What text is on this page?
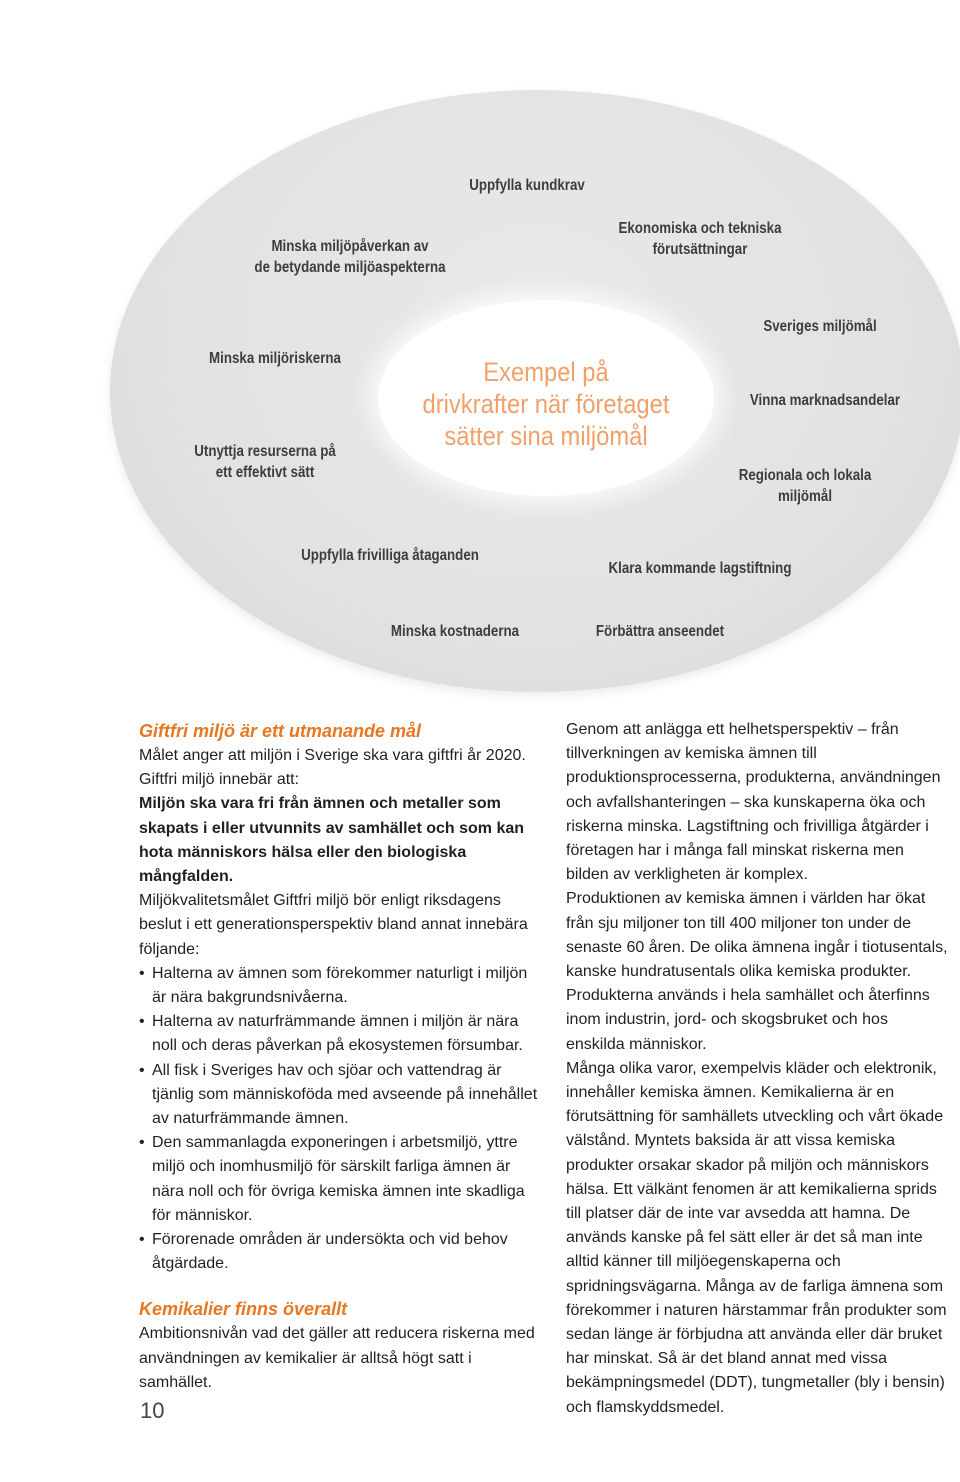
Exempel på
drivkrafter när företaget
sätter sina miljömål
Uppfylla kundkrav
Minska miljöpåverkan av
de betydande miljöaspekterna
Ekonomiska och tekniska
förutsättningar
Sveriges miljömål
Minska miljöriskerna
Vinna marknadsandelar
Utnyttja resurserna på
ett effektivt sätt	Regionala och lokala
miljömål
Uppfylla frivilliga åtaganden
Klara kommande lagstiftning
Minska kostnaderna	Förbättra anseendet

Giftfri miljö är ett utmanande mål

Målet anger att miljön i Sverige ska vara giftfri år 2020.

Giftfri miljö innebär att:

Miljön ska vara fri från ämnen och metaller som skapats i eller utvunnits av samhället och som kan hota människors hälsa eller den biologiska mångfalden.

Miljökvalitetsmålet Giftfri miljö bör enligt riksdagens beslut i ett generationsperspektiv bland annat innebära följande:

• Halterna av ämnen som förekommer naturligt i miljön är nära bakgrundsnivåerna.
• Halterna av naturfrämmande ämnen i miljön är nära noll och deras påverkan på ekosystemen försumbar.
• All fisk i Sveriges hav och sjöar och vattendrag är tjänlig som människoföda med avseende på innehållet av naturfrämmande ämnen.
• Den sammanlagda exponeringen i arbetsmiljö, yttre miljö och inomhusmiljö för särskilt farliga ämnen är nära noll och för övriga kemiska ämnen inte skadliga för människor.
• Förorenade områden är undersökta och vid behov åtgärdade.

Kemikalier finns överallt

Ambitionsnivån vad det gäller att reducera riskerna med användningen av kemikalier är alltså högt satt i samhället.

Genom att anlägga ett helhetsperspektiv – från tillverkningen av kemiska ämnen till produktionsprocesserna, produkterna, användningen och avfallshanteringen – ska kunskaperna öka och riskerna minska. Lagstiftning och frivilliga åtgärder i företagen har i många fall minskat riskerna men bilden av verkligheten är komplex.

Produktionen av kemiska ämnen i världen har ökat från sju miljoner ton till 400 miljoner ton under de senaste 60 åren. De olika ämnena ingår i tiotusentals, kanske hundratusentals olika kemiska produkter. Produkterna används i hela samhället och återfinns inom industrin, jord- och skogsbruket och hos enskilda människor.

Många olika varor, exempelvis kläder och elektronik, innehåller kemiska ämnen. Kemikalierna är en förutsättning för samhällets utveckling och vårt ökade välstånd. Myntets baksida är att vissa kemiska produkter orsakar skador på miljön och människors hälsa. Ett välkänt fenomen är att kemikalierna sprids till platser där de inte var avsedda att hamna. De används kanske på fel sätt eller är det så man inte alltid känner till miljöegenskaperna och spridningsvägarna. Många av de farliga ämnena som förekommer i naturen härstammar från produkter som sedan länge är förbjudna att använda eller där bruket har minskat. Så är det bland annat med vissa bekämpningsmedel (DDT), tungmetaller (bly i bensin) och flamskyddsmedel.

10
